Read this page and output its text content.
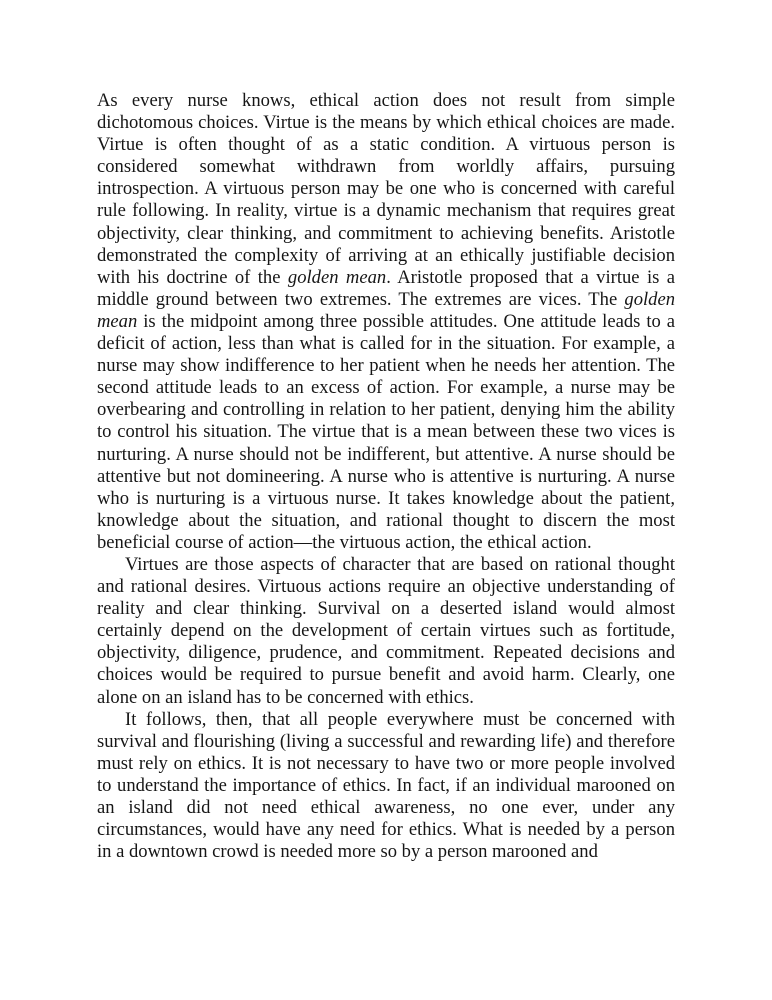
As every nurse knows, ethical action does not result from simple dichotomous choices. Virtue is the means by which ethical choices are made. Virtue is often thought of as a static condition. A virtuous person is considered somewhat withdrawn from worldly affairs, pursuing introspection. A virtuous person may be one who is concerned with careful rule following. In reality, virtue is a dynamic mechanism that requires great objectivity, clear thinking, and commitment to achieving benefits. Aristotle demonstrated the complexity of arriving at an ethically justifiable decision with his doctrine of the golden mean. Aristotle proposed that a virtue is a middle ground between two extremes. The extremes are vices. The golden mean is the midpoint among three possible attitudes. One attitude leads to a deficit of action, less than what is called for in the situation. For example, a nurse may show indifference to her patient when he needs her attention. The second attitude leads to an excess of action. For example, a nurse may be overbearing and controlling in relation to her patient, denying him the ability to control his situation. The virtue that is a mean between these two vices is nurturing. A nurse should not be indifferent, but attentive. A nurse should be attentive but not domineering. A nurse who is attentive is nurturing. A nurse who is nurturing is a virtuous nurse. It takes knowledge about the patient, knowledge about the situation, and rational thought to discern the most beneficial course of action—the virtuous action, the ethical action.

Virtues are those aspects of character that are based on rational thought and rational desires. Virtuous actions require an objective understanding of reality and clear thinking. Survival on a deserted island would almost certainly depend on the development of certain virtues such as fortitude, objectivity, diligence, prudence, and commitment. Repeated decisions and choices would be required to pursue benefit and avoid harm. Clearly, one alone on an island has to be concerned with ethics.

It follows, then, that all people everywhere must be concerned with survival and flourishing (living a successful and rewarding life) and therefore must rely on ethics. It is not necessary to have two or more people involved to understand the importance of ethics. In fact, if an individual marooned on an island did not need ethical awareness, no one ever, under any circumstances, would have any need for ethics. What is needed by a person in a downtown crowd is needed more so by a person marooned and
